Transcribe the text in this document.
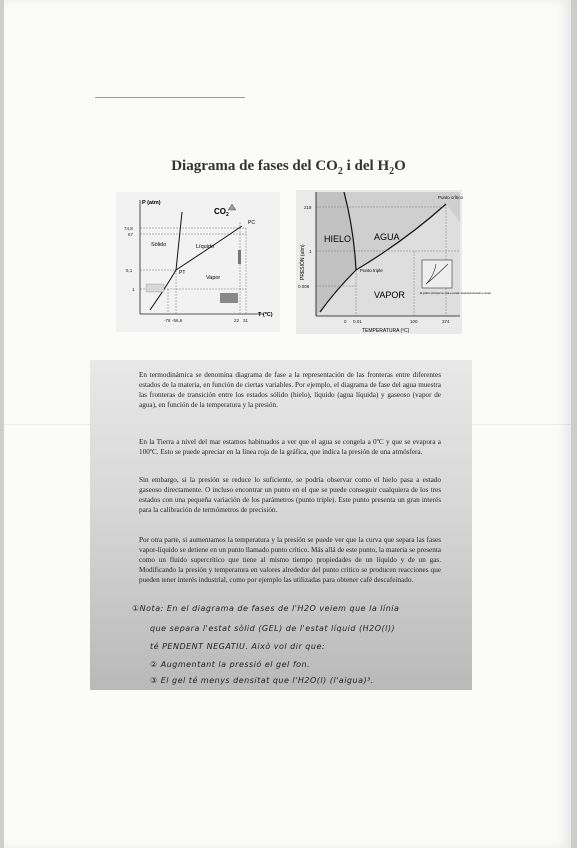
Diagrama de fases del $CO_2$ i del $H_2O$
P (atm)
T (ºC)
$CO_2$
PC
PT
Sòlido	Líquido
Vapor
74,8
67
5,1
1
-78 -56,6	22 31
HIELO	AGUA
VAPOR
Punto crítico
Punto triple
El gráfico principal no está a escala: desproporcionado a escala
PRESIÓN (atm)
TEMPERATURA (ºC)
218
1
0.006
0 0.01	100	374

En termodinámica se denomina diagrama de fase a la representación de las fronteras entre diferentes estados de la materia, en función de ciertas variables. Por ejemplo, el diagrama de fase del agua muestra las fronteras de transición entre los estados sólido (hielo), líquido (agua líquida) y gaseoso (vapor de agua), en función de la temperatura y la presión.

En la Tierra a nivel del mar estamos habituados a ver que el agua se congela a 0ºC y que se evapora a 100ºC. Esto se puede apreciar en la línea roja de la gráfica, que indica la presión de una atmósfera.

Sin embargo, si la presión se reduce lo suficiente, se podría observar como el hielo pasa a estado gaseoso directamente. O incluso encontrar un punto en el que se puede conseguir cualquiera de los tres estados con una pequeña variación de los parámetros (punto triple). Este punto presenta un gran interés para la calibración de termómetros de precisión.

Por otra parte, si aumentamos la temperatura y la presión se puede ver que la curva que separa las fases vapor-líquido se detiene en un punto llamado punto crítico. Más allá de este punto, la materia se presenta como un fluido supercrítico que tiene al mismo tiempo propiedades de un líquido y de un gas. Modificando la presión y temperatura en valores alrededor del punto crítico se producen reacciones que pueden tener interés industrial, como por ejemplo las utilizadas para obtener café descafeinado.

①Nota: En el diagrama de fases de l'H2O veiem que la línia
que separa l'estat sòlid (GEL) de l'estat líquid (H2O(l))
té PENDENT NEGATIU. Això vol dir que:
② Augmentant la pressió el gel fon.
③ El gel té menys densitat que l'H2O(l) (l'aigua)³.
